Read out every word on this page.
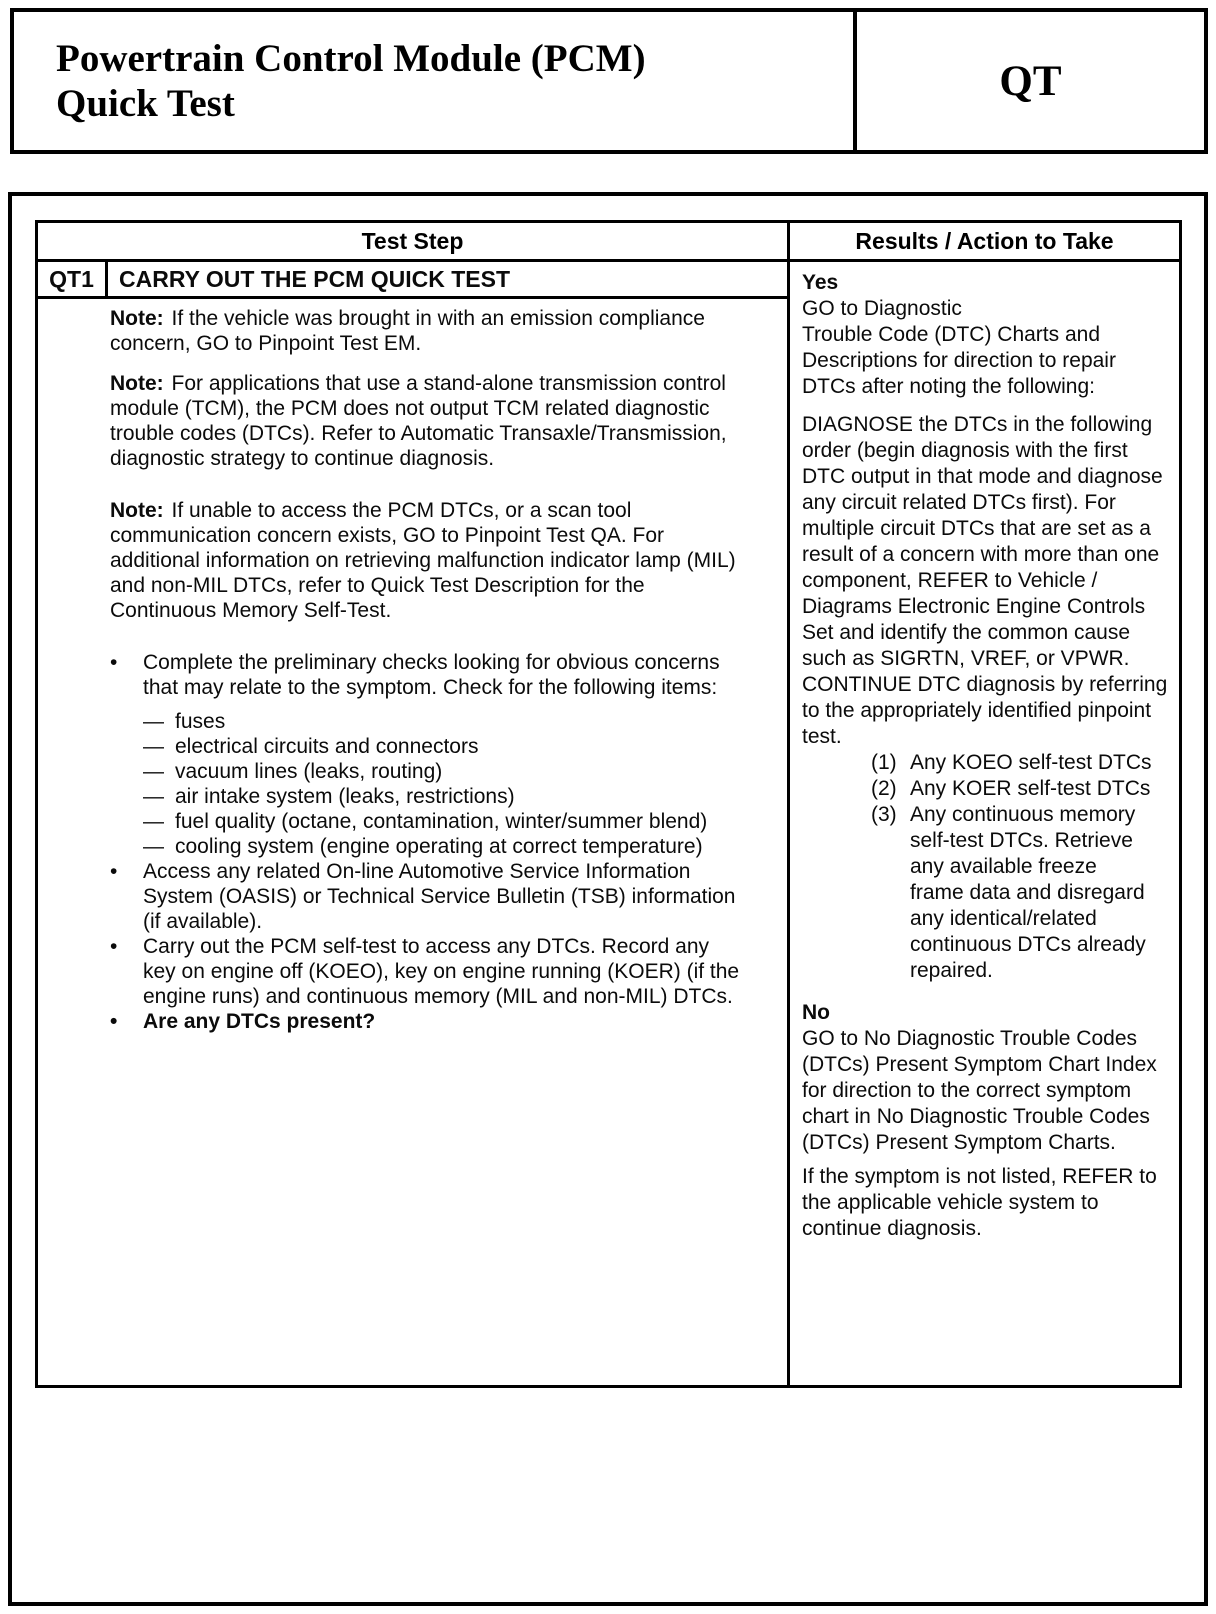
Powertrain Control Module (PCM)
Quick Test	QT
Test Step	Results / Action to Take
QT1	CARRY OUT THE PCM QUICK TEST

Note: If the vehicle was brought in with an emission compliance concern, GO to Pinpoint Test EM.

Note: For applications that use a stand-alone transmission control module (TCM), the PCM does not output TCM related diagnostic trouble codes (DTCs). Refer to Automatic Transaxle/Transmission, diagnostic strategy to continue diagnosis.

Note: If unable to access the PCM DTCs, or a scan tool communication concern exists, GO to Pinpoint Test QA. For additional information on retrieving malfunction indicator lamp (MIL) and non-MIL DTCs, refer to Quick Test Description for the Continuous Memory Self-Test.

•	Complete the preliminary checks looking for obvious concerns that may relate to the symptom. Check for the following items:
— fuses
— electrical circuits and connectors
— vacuum lines (leaks, routing)
— air intake system (leaks, restrictions)
— fuel quality (octane, contamination, winter/summer blend)
— cooling system (engine operating at correct temperature)
•	Access any related On-line Automotive Service Information System (OASIS) or Technical Service Bulletin (TSB) information (if available).
•	Carry out the PCM self-test to access any DTCs. Record any key on engine off (KOEO), key on engine running (KOER) (if the engine runs) and continuous memory (MIL and non-MIL) DTCs.
•	Are any DTCs present?

Yes

GO to Diagnostic

Trouble Code (DTC) Charts and Descriptions for direction to repair DTCs after noting the following:

DIAGNOSE the DTCs in the following order (begin diagnosis with the first DTC output in that mode and diagnose any circuit related DTCs first). For multiple circuit DTCs that are set as a result of a concern with more than one component, REFER to Vehicle / Diagrams Electronic Engine Controls Set and identify the common cause such as SIGRTN, VREF, or VPWR. CONTINUE DTC diagnosis by referring to the appropriately identified pinpoint test.

(1) Any KOEO self-test DTCs
(2) Any KOER self-test DTCs
(3) Any continuous memory self-test DTCs. Retrieve any available freeze frame data and disregard any identical/related continuous DTCs already repaired.

No

GO to No Diagnostic Trouble Codes (DTCs) Present Symptom Chart Index for direction to the correct symptom chart in No Diagnostic Trouble Codes (DTCs) Present Symptom Charts.

If the symptom is not listed, REFER to the applicable vehicle system to continue diagnosis.
